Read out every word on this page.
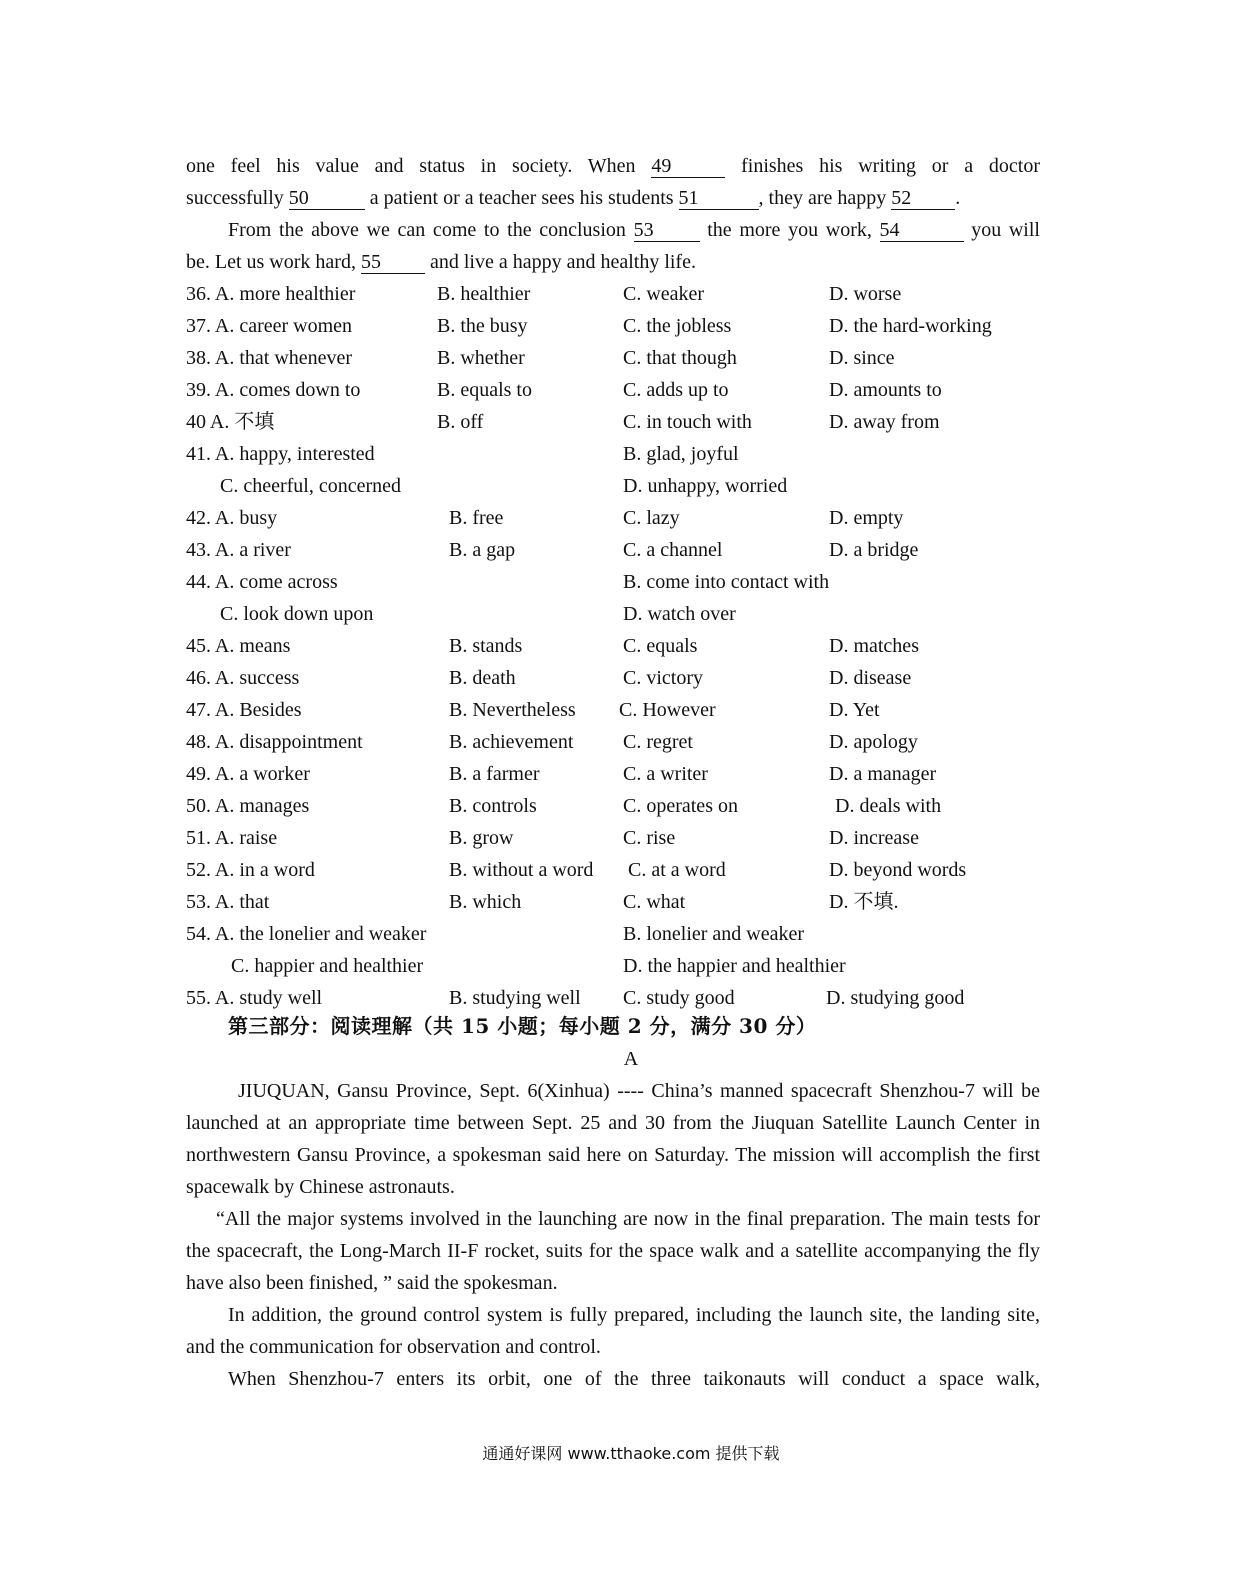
one feel his value and status in society. When 49	finishes his writing or a doctor

successfully 50	a patient or a teacher sees his students 51	, they are happy 52 .

From the above we can come to the conclusion 53 the more you work, 54	you will

be. Let us work hard, 55 and live a happy and healthy life.

36. A. more healthier	B. healthier	C. weaker	D. worse
37. A. career women	B. the busy	C. the jobless	D. the hard-working
38. A. that whenever	B. whether	C. that though	D. since
39. A. comes down to	B. equals to	C. adds up to	D. amounts to
40 A. 不填	B. off	C. in touch with	D. away from
41. A. happy, interested	B. glad, joyful
C. cheerful, concerned	D. unhappy, worried
42. A. busy	B. free	C. lazy	D. empty
43. A. a river	B. a gap	C. a channel	D. a bridge
44. A. come across	B. come into contact with
C. look down upon	D. watch over
45. A. means	B. stands	C. equals	D. matches
46. A. success	B. death	C. victory	D. disease
47. A. Besides	B. Nevertheless C. However	D. Yet
48. A. disappointment	B. achievement C. regret	D. apology
49. A. a worker	B. a farmer	C. a writer	D. a manager
50. A. manages	B. controls	C. operates on	D. deals with
51. A. raise	B. grow	C. rise	D. increase
52. A. in a word	B. without a word C. at a word	D. beyond words
53. A. that	B. which	C. what	D. 不填.
54. A. the lonelier and weaker	B. lonelier and weaker
C. happier and healthier	D. the happier and healthier
55. A. study well	B. studying well C. study good	D. studying good
第三部分：阅读理解（共 15 小题；每小题 2 分，满分 30 分）
A

JIUQUAN, Gansu Province, Sept. 6(Xinhua) ---- China’s manned spacecraft Shenzhou-7 will be launched at an appropriate time between Sept. 25 and 30 from the Jiuquan Satellite Launch Center in northwestern Gansu Province, a spokesman said here on Saturday. The mission will accomplish the first spacewalk by Chinese astronauts.

“All the major systems involved in the launching are now in the final preparation. The main tests for the spacecraft, the Long-March II-F rocket, suits for the space walk and a satellite accompanying the fly have also been finished, ” said the spokesman.

In addition, the ground control system is fully prepared, including the launch site, the landing site, and the communication for observation and control.

When Shenzhou-7 enters its orbit, one of the three taikonauts will conduct a space walk,

通通好课网 www.tthaoke.com 提供下载
